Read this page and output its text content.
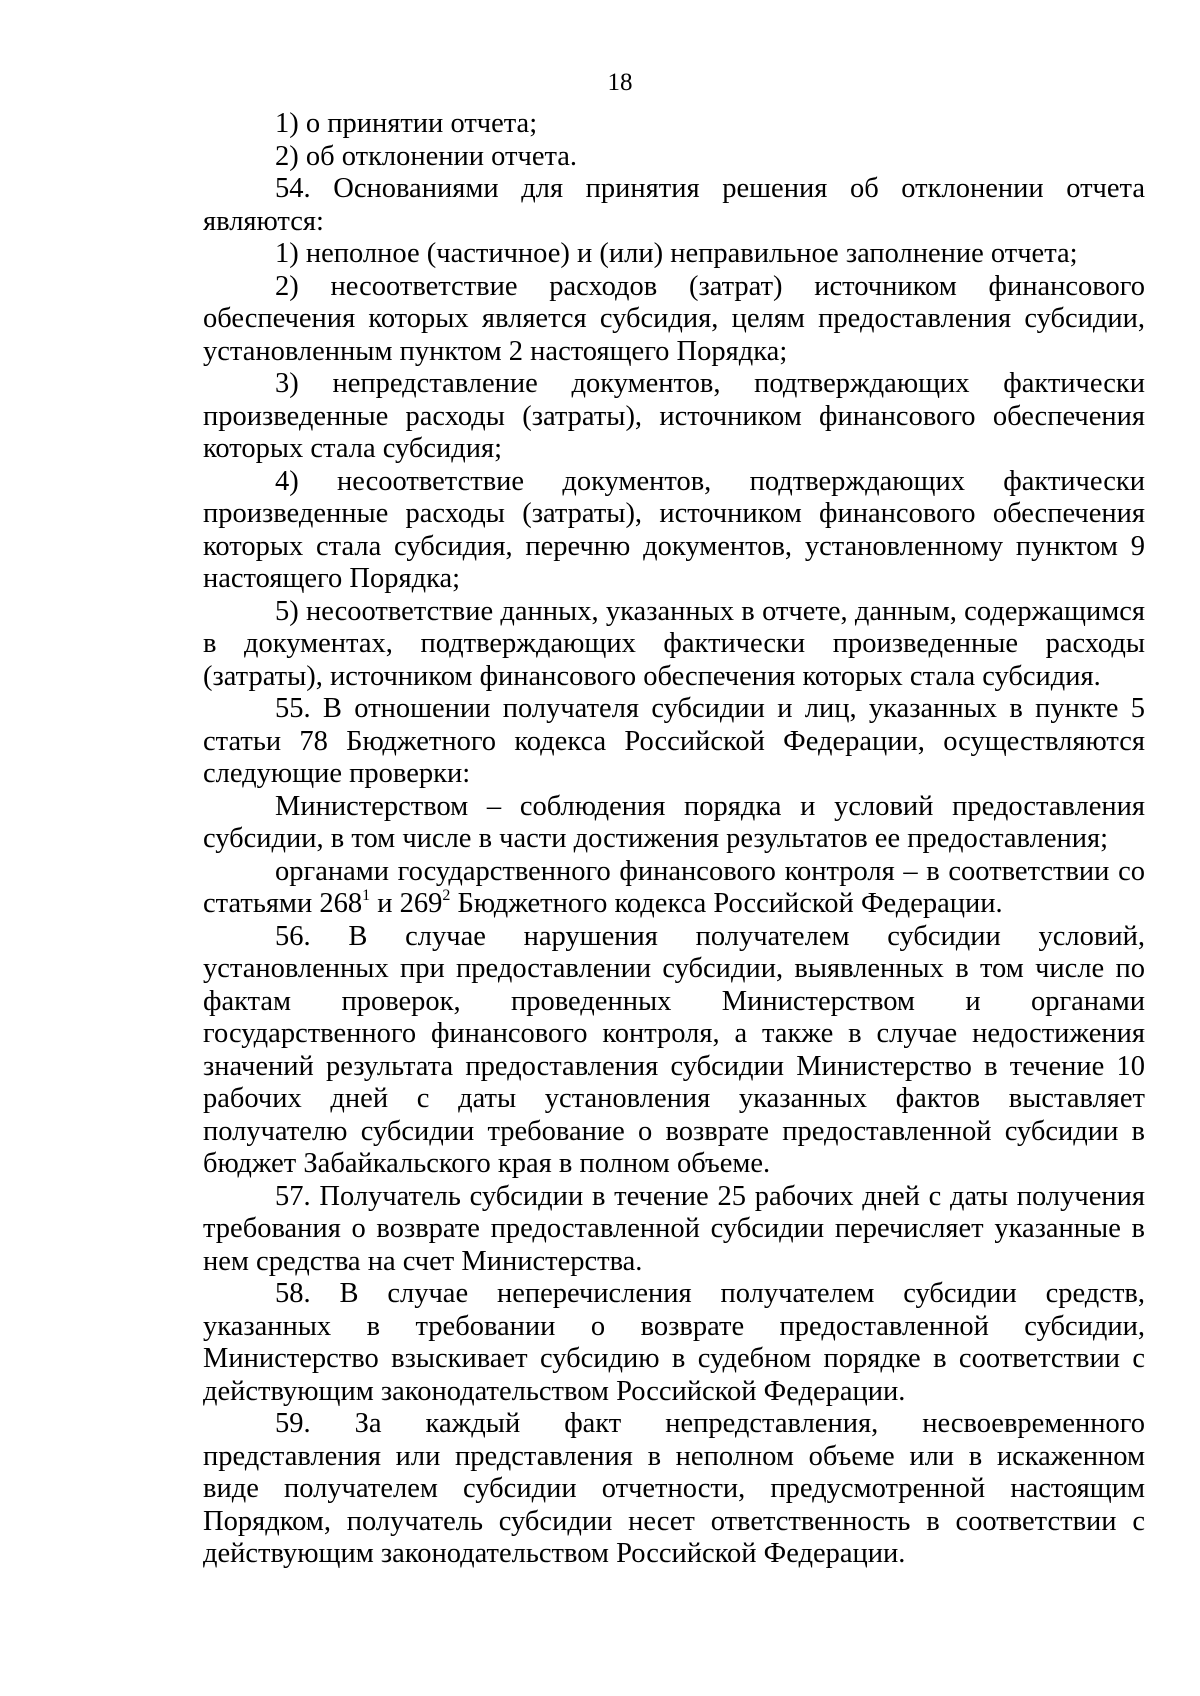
18

1) о принятии отчета;

2) об отклонении отчета.

54. Основаниями для принятия решения об отклонении отчета являются:

1) неполное (частичное) и (или) неправильное заполнение отчета;

2) несоответствие расходов (затрат) источником финансового обеспечения которых является субсидия, целям предоставления субсидии, установленным пунктом 2 настоящего Порядка;

3) непредставление документов, подтверждающих фактически произведенные расходы (затраты), источником финансового обеспечения которых стала субсидия;

4) несоответствие документов, подтверждающих фактически произведенные расходы (затраты), источником финансового обеспечения которых стала субсидия, перечню документов, установленному пунктом 9 настоящего Порядка;

5) несоответствие данных, указанных в отчете, данным, содержащимся в документах, подтверждающих фактически произведенные расходы (затраты), источником финансового обеспечения которых стала субсидия.

55. В отношении получателя субсидии и лиц, указанных в пункте 5 статьи 78 Бюджетного кодекса Российской Федерации, осуществляются следующие проверки:

Министерством – соблюдения порядка и условий предоставления субсидии, в том числе в части достижения результатов ее предоставления;

органами государственного финансового контроля – в соответствии со статьями $268^1$ и $269^2$ Бюджетного кодекса Российской Федерации.

56. В случае нарушения получателем субсидии условий, установленных при предоставлении субсидии, выявленных в том числе по фактам проверок, проведенных Министерством и органами государственного финансового контроля, а также в случае недостижения значений результата предоставления субсидии Министерство в течение 10 рабочих дней с даты установления указанных фактов выставляет получателю субсидии требование о возврате предоставленной субсидии в бюджет Забайкальского края в полном объеме.

57. Получатель субсидии в течение 25 рабочих дней с даты получения требования о возврате предоставленной субсидии перечисляет указанные в нем средства на счет Министерства.

58. В случае неперечисления получателем субсидии средств, указанных в требовании о возврате предоставленной субсидии, Министерство взыскивает субсидию в судебном порядке в соответствии с действующим законодательством Российской Федерации.

59. За каждый факт непредставления, несвоевременного представления или представления в неполном объеме или в искаженном виде получателем субсидии отчетности, предусмотренной настоящим Порядком, получатель субсидии несет ответственность в соответствии с действующим законодательством Российской Федерации.
